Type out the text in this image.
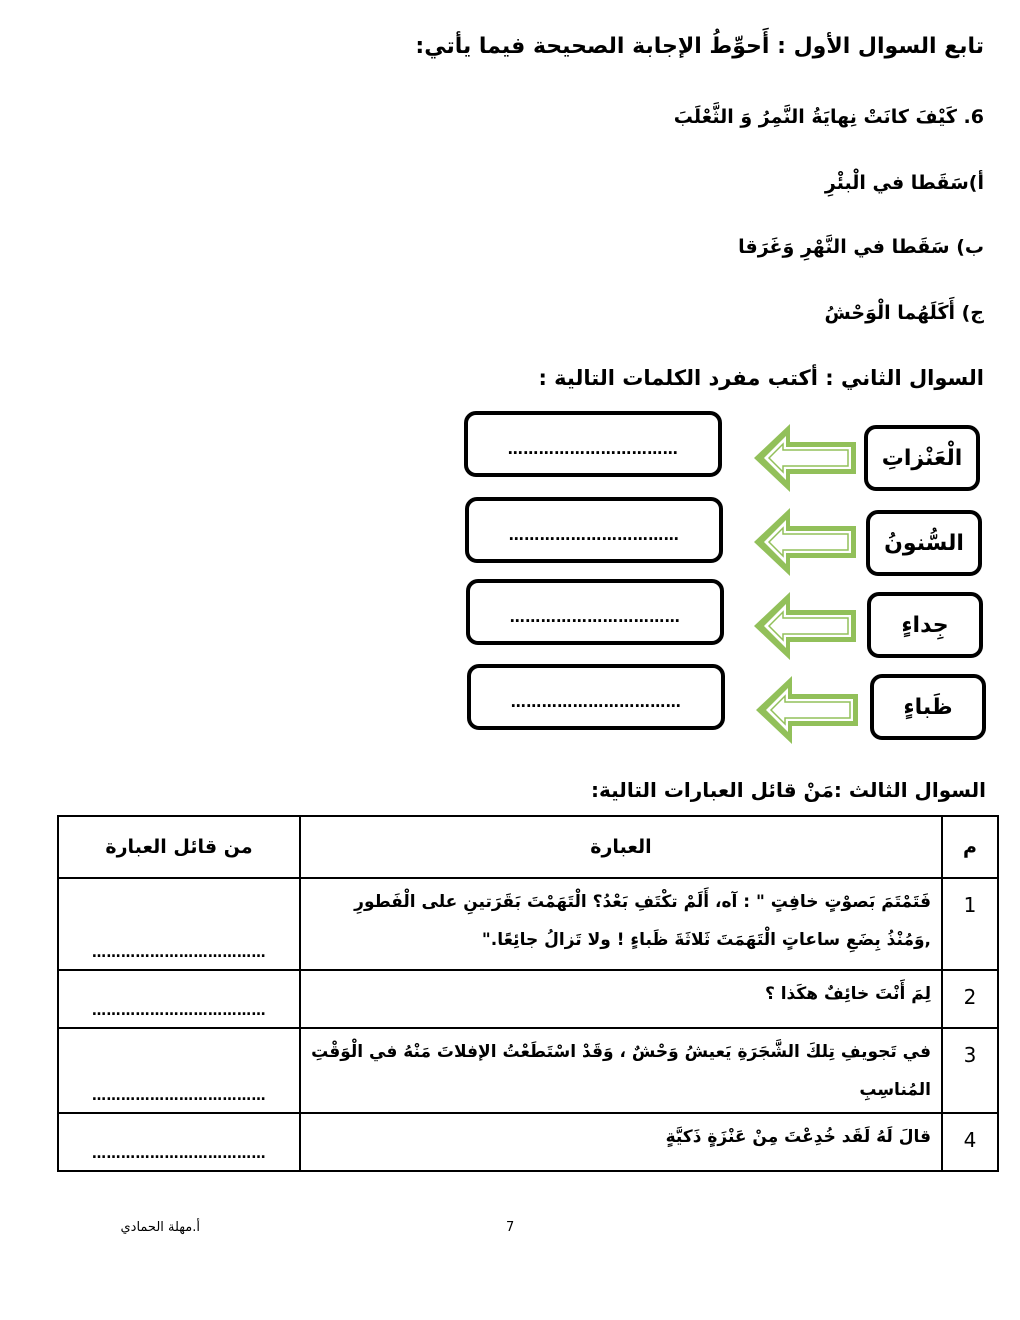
تابع السوال الأول : أَحوِّطُ الإجابة الصحيحة فيما يأتي:
6. كَيْفَ كانَتْ نِهايَةُ النَّمِرُ وَ الثَّعْلَبَ
أ)سَقَطا في الْبئْرِ
ب) سَقَطا في النَّهْرِ وَغَرَقا
ج) أَكَلَهُما الْوَحْشُ
السوال الثاني : أكتب مفرد الكلمات التالية :
الْعَنْزاتِ
……………………………
السُّنونُ
……………………………
جِداءٍ
……………………………
ظَباءٍ
……………………………
السوال الثالث :مَنْ قائل العبارات التالية:
م	العبارة	من قائل العبارة
1	فَتَمْتَمَ بَصوْتٍ خافِتٍ " : آه، أَلَمْ تكْتَفِ بَعْدُ؟ الْتَهَمْتَ بَقَرَتينِ على الْفَطورِ ,وَمُنْذُ بِضَعِ ساعاتٍ الْتَهَمَتَ ثَلاثَةَ ظَباءٍ ! ولا تَزالُ جائِعًا."	………………………………
2	لِمَ أَنْتَ خائِفٌ هكَذا ؟	………………………………
3	في تَجويفِ تِلكَ الشَّجَرَةِ يَعيشُ وَحْشٌ ، وَقَدْ اسْتَطَعْتُ الإفلاتَ مَنْهُ في الْوَقْتِ المُناسِبِ	………………………………
4	قالَ لَهُ لَقَد خُدِعْتَ مِنْ عَنْزَةٍ ذَكيَّةٍ	………………………………
7
أ.مهلة الحمادي
